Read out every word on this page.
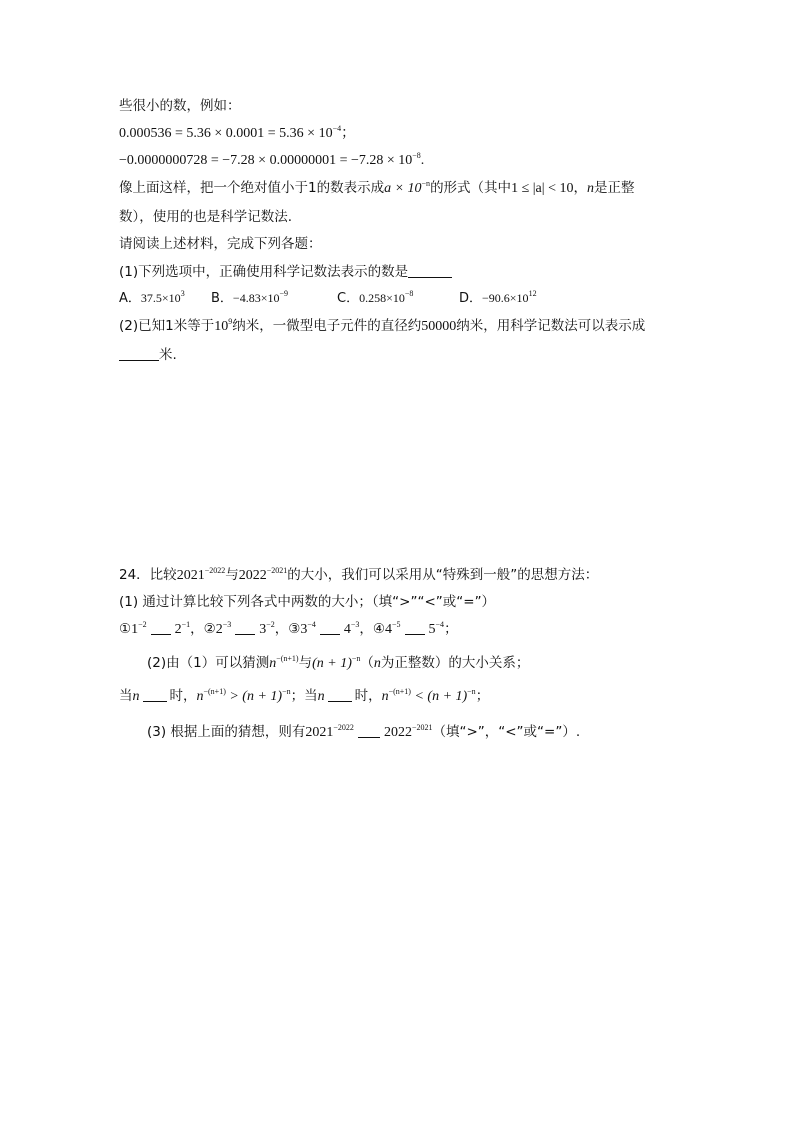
些很小的数，例如：
$0.000536 = 5.36 \times 0.0001 = 5.36 \times 10^{-4}$；
$-0.0000000728 = -7.28 \times 0.00000001 = -7.28 \times 10^{-8}$.
像上面这样，把一个绝对值小于1的数表示成$a \times 10^{-n}$的形式（其中1 ≤ |a| < 10，n是正整
数），使用的也是科学记数法.
请阅读上述材料，完成下列各题：
(1)下列选项中，正确使用科学记数法表示的数是
A．$37.5\times 10^3$ B．$-4.83\times 10^{-9}$	C．$0.258\times 10^{-8}$	D．$-90.6\times 10^{12}$
(2)已知1米等于$10^9$纳米，一微型电子元件的直径约50000纳米，用科学记数法可以表示成
米.
24．比较$2021^{-2022}$与$2022^{-2021}$的大小，我们可以采用从“特殊到一般”的思想方法：
(1) 通过计算比较下列各式中两数的大小；（填“>”“<”或“=”）
$①1^{-2}$ $2^{-1}$，$②2^{-3}$ $3^{-2}$，$③3^{-4}$ $4^{-3}$，$④4^{-5}$ $5^{-4}$；
(2)由（1）可以猜测$n^{-(n+1)}$与$(n + 1)^{-n}(n$为正整数）的大小关系；
当n 时，$n^{-(n+1)} > (n + 1)^{-n}$；当n 时，$n^{-(n+1)} < (n + 1)^{-n}$；
(3) 根据上面的猜想，则有$2021^{-2022}$ $2022^{-2021}$（填“>”，“<”或“=”）.
